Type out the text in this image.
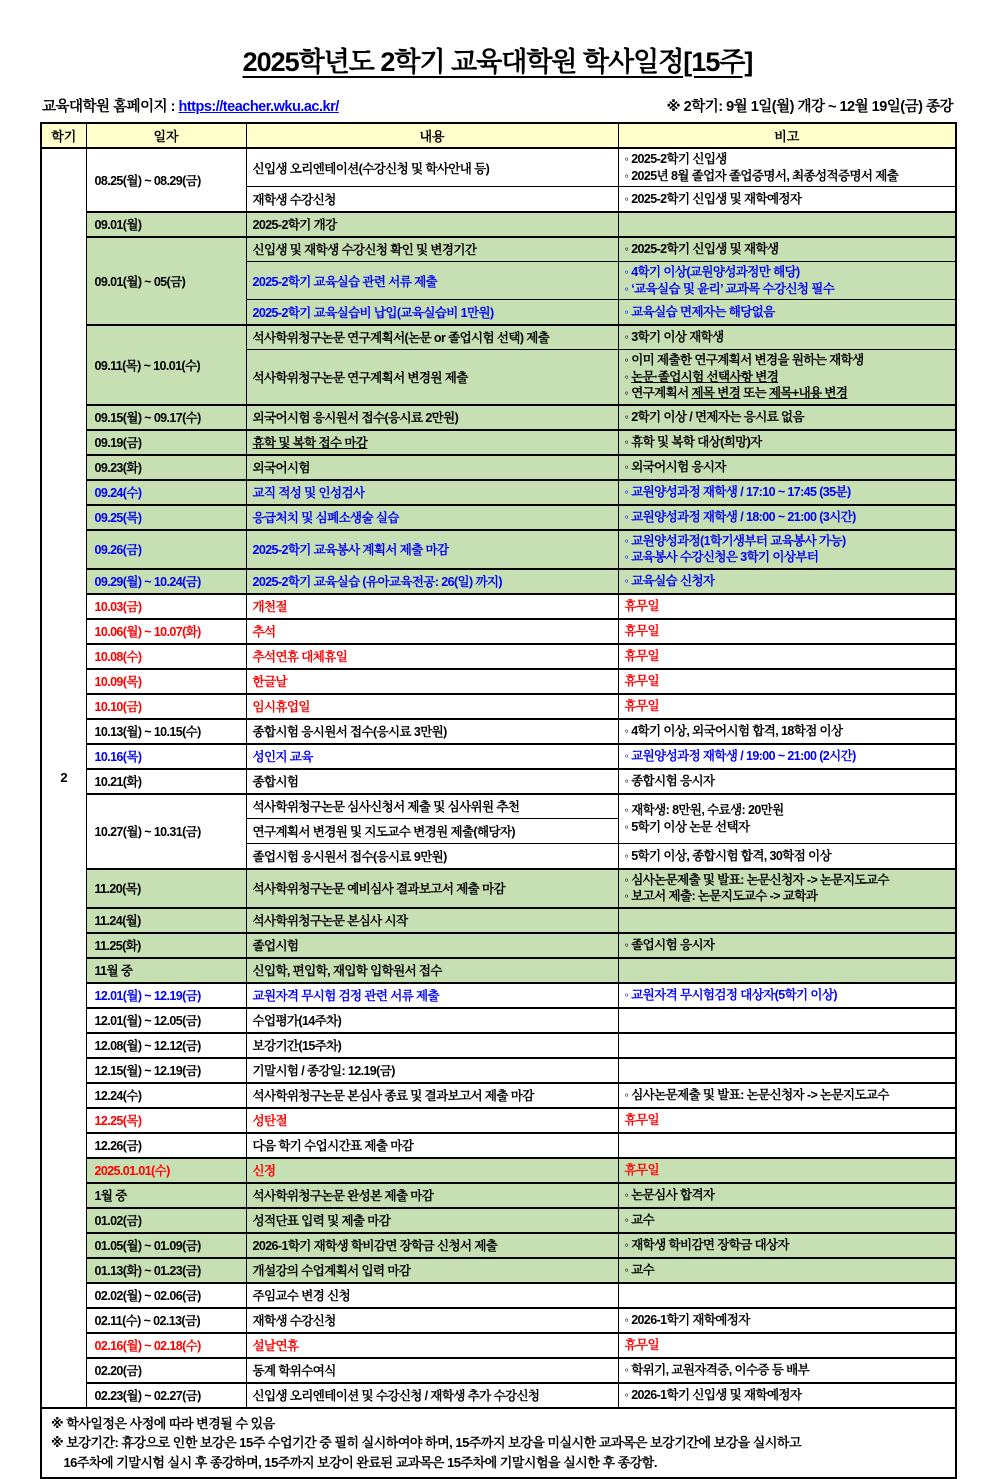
2025학년도 2학기 교육대학원 학사일정[15주]
교육대학원 홈페이지 : https://teacher.wku.ac.kr/	※ 2학기: 9월 1일(월) 개강 ~ 12월 19일(금) 종강
학기	일자	내용	비고
2	08.25(월) ~ 08.29(금)	신입생 오리엔테이션(수강신청 및 학사안내 등)	◦ 2025-2학기 신입생
◦ 2025년 8월 졸업자 졸업증명서, 최종성적증명서 제출

		재학생 수강신청	◦ 2025-2학기 신입생 및 재학예정자

	09.01(월)	2025-2학기 개강	
	09.01(월) ~ 05(금)	신입생 및 재학생 수강신청 확인 및 변경기간	◦ 2025-2학기 신입생 및 재학생

		2025-2학기 교육실습 관련 서류 제출	◦ 4학기 이상(교원양성과정만 해당)
◦ ‘교육실습 및 윤리’ 교과목 수강신청 필수

		2025-2학기 교육실습비 납입(교육실습비 1만원)	◦ 교육실습 면제자는 해당없음

	09.11(목) ~ 10.01(수)	석사학위청구논문 연구계획서(논문 or 졸업시험 선택) 제출	◦ 3학기 이상 재학생

		석사학위청구논문 연구계획서 변경원 제출	◦ 이미 제출한 연구계획서 변경을 원하는 재학생
◦ 논문·졸업시험 선택사항 변경
◦ 연구계획서 제목 변경 또는 제목+내용 변경

	09.15(월) ~ 09.17(수)	외국어시험 응시원서 접수(응시료 2만원)	◦ 2학기 이상 / 면제자는 응시료 없음

	09.19(금)	휴학 및 복학 접수 마감	◦ 휴학 및 복학 대상(희망)자

	09.23(화)	외국어시험	◦ 외국어시험 응시자

	09.24(수)	교직 적성 및 인성검사	◦ 교원양성과정 재학생 / 17:10 ~ 17:45 (35분)

	09.25(목)	응급처치 및 심폐소생술 실습	◦ 교원양성과정 재학생 / 18:00 ~ 21:00 (3시간)

	09.26(금)	2025-2학기 교육봉사 계획서 제출 마감	◦ 교원양성과정(1학기생부터 교육봉사 가능)
◦ 교육봉사 수강신청은 3학기 이상부터

	09.29(월) ~ 10.24(금)	2025-2학기 교육실습 (유아교육전공: 26(일) 까지)	◦ 교육실습 신청자

	10.03(금)	개천절	휴무일

	10.06(월) ~ 10.07(화)	추석	휴무일

	10.08(수)	추석연휴 대체휴일	휴무일

	10.09(목)	한글날	휴무일

	10.10(금)	임시휴업일	휴무일

	10.13(월) ~ 10.15(수)	종합시험 응시원서 접수(응시료 3만원)	◦ 4학기 이상, 외국어시험 합격, 18학점 이상

	10.16(목)	성인지 교육	◦ 교원양성과정 재학생 / 19:00 ~ 21:00 (2시간)

	10.21(화)	종합시험	◦ 종합시험 응시자

	10.27(월) ~ 10.31(금)	석사학위청구논문 심사신청서 제출 및 심사위원 추천	◦ 재학생: 8만원, 수료생: 20만원
◦ 5학기 이상 논문 선택자

		연구계획서 변경원 및 지도교수 변경원 제출(해당자)	
		졸업시험 응시원서 접수(응시료 9만원)	◦ 5학기 이상, 종합시험 합격, 30학점 이상

	11.20(목)	석사학위청구논문 예비심사 결과보고서 제출 마감	◦ 심사논문제출 및 발표: 논문신청자 -> 논문지도교수
◦ 보고서 제출: 논문지도교수 -> 교학과

	11.24(월)	석사학위청구논문 본심사 시작	
	11.25(화)	졸업시험	◦ 졸업시험 응시자

	11월 중	신입학, 편입학, 재입학 입학원서 접수	
	12.01(월) ~ 12.19(금)	교원자격 무시험 검정 관련 서류 제출	◦ 교원자격 무시험검정 대상자(5학기 이상)

	12.01(월) ~ 12.05(금)	수업평가(14주차)	
	12.08(월) ~ 12.12(금)	보강기간(15주차)	
	12.15(월) ~ 12.19(금)	기말시험 / 종강일: 12.19(금)	
	12.24(수)	석사학위청구논문 본심사 종료 및 결과보고서 제출 마감	◦ 심사논문제출 및 발표: 논문신청자 -> 논문지도교수

	12.25(목)	성탄절	휴무일

	12.26(금)	다음 학기 수업시간표 제출 마감	
	2025.01.01(수)	신정	휴무일

	1월 중	석사학위청구논문 완성본 제출 마감	◦ 논문심사 합격자

	01.02(금)	성적단표 입력 및 제출 마감	◦ 교수

	01.05(월) ~ 01.09(금)	2026-1학기 재학생 학비감면 장학금 신청서 제출	◦ 재학생 학비감면 장학금 대상자

	01.13(화) ~ 01.23(금)	개설강의 수업계획서 입력 마감	◦ 교수

	02.02(월) ~ 02.06(금)	주임교수 변경 신청	
	02.11(수) ~ 02.13(금)	재학생 수강신청	◦ 2026-1학기 재학예정자

	02.16(월) ~ 02.18(수)	설날연휴	휴무일

	02.20(금)	동계 학위수여식	◦ 학위기, 교원자격증, 이수증 등 배부

	02.23(월) ~ 02.27(금)	신입생 오리엔테이션 및 수강신청 / 재학생 추가 수강신청	◦ 2026-1학기 신입생 및 재학예정자

※ 학사일정은 사정에 따라 변경될 수 있음
※ 보강기간: 휴강으로 인한 보강은 15주 수업기간 중 필히 실시하여야 하며, 15주까지 보강을 미실시한 교과목은 보강기간에 보강을 실시하고
16주차에 기말시험 실시 후 종강하며, 15주까지 보강이 완료된 교과목은 15주차에 기말시험을 실시한 후 종강함.			
